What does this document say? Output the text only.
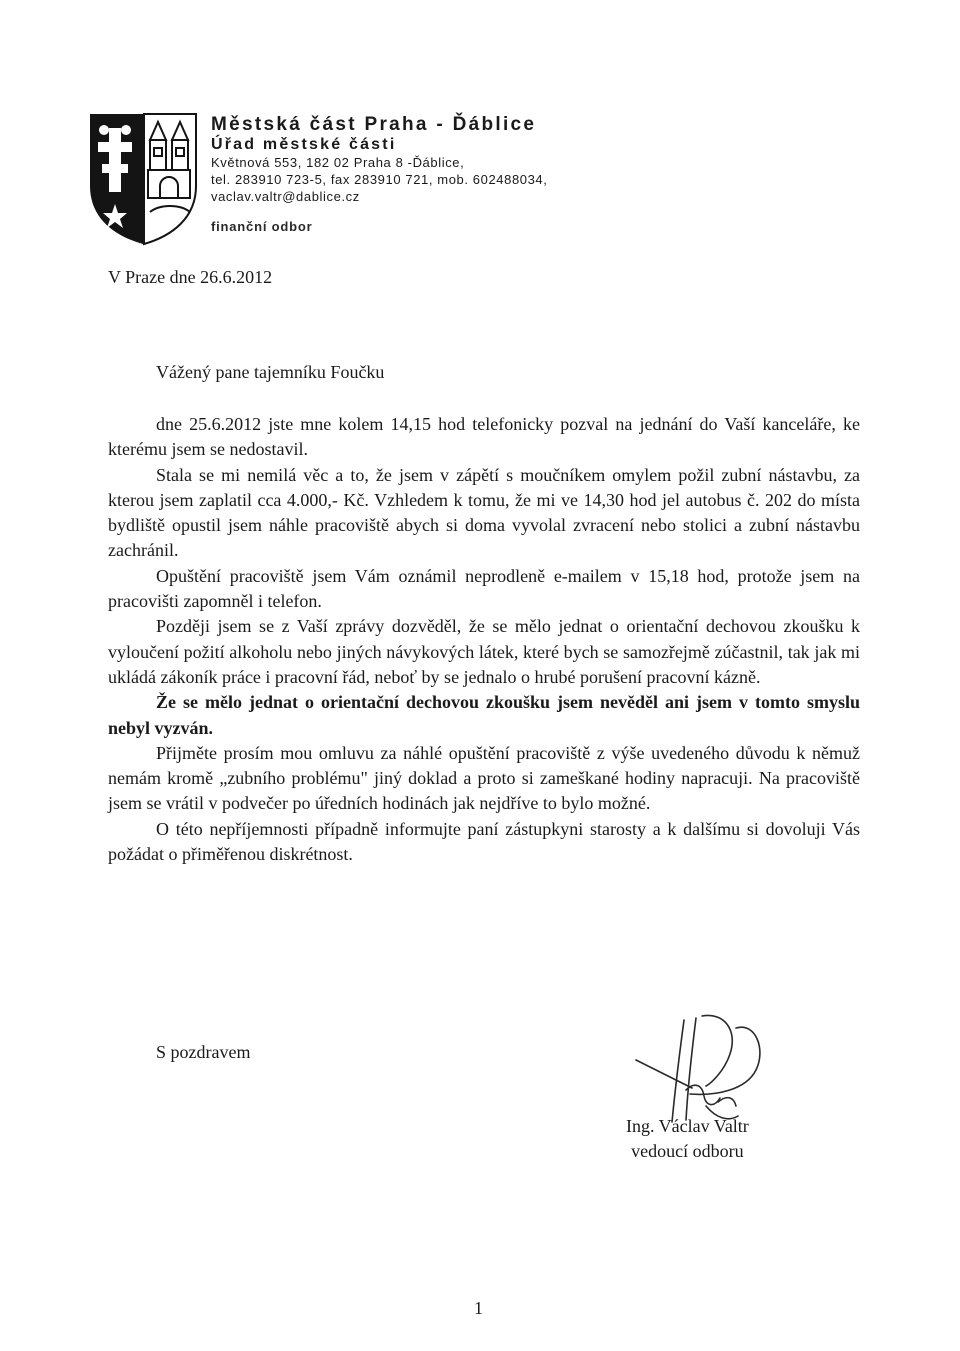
Městská část Praha - Ďáblice
Úřad městské části
Květnová 553, 182 02 Praha 8 -Ďáblice,
tel. 283910 723-5, fax 283910 721, mob. 602488034,
vaclav.valtr@dablice.cz
finanční odbor
V Praze dne 26.6.2012
Vážený pane tajemníku Foučku

dne 25.6.2012 jste mne kolem 14,15 hod telefonicky pozval na jednání do Vaší kanceláře, ke kterému jsem se nedostavil.

Stala se mi nemilá věc a to, že jsem v zápětí s moučníkem omylem požil zubní nástavbu, za kterou jsem zaplatil cca 4.000,- Kč. Vzhledem k tomu, že mi ve 14,30 hod jel autobus č. 202 do místa bydliště opustil jsem náhle pracoviště abych si doma vyvolal zvracení nebo stolici a zubní nástavbu zachránil.

Opuštění pracoviště jsem Vám oznámil neprodleně e-mailem v 15,18 hod, protože jsem na pracovišti zapomněl i telefon.

Později jsem se z Vaší zprávy dozvěděl, že se mělo jednat o orientační dechovou zkoušku k vyloučení požití alkoholu nebo jiných návykových látek, které bych se samozřejmě zúčastnil, tak jak mi ukládá zákoník práce i pracovní řád, neboť by se jednalo o hrubé porušení pracovní kázně.

Že se mělo jednat o orientační dechovou zkoušku jsem nevěděl ani jsem v tomto smyslu nebyl vyzván.

Přijměte prosím mou omluvu za náhlé opuštění pracoviště z výše uvedeného důvodu k němuž nemám kromě „zubního problému" jiný doklad a proto si zameškané hodiny napracuji. Na pracoviště jsem se vrátil v podvečer po úředních hodinách jak nejdříve to bylo možné.

O této nepříjemnosti případně informujte paní zástupkyni starosty a k dalšímu si dovoluji Vás požádat o přiměřenou diskrétnost.

S pozdravem
Ing. Václav Valtr
vedoucí odboru
1
